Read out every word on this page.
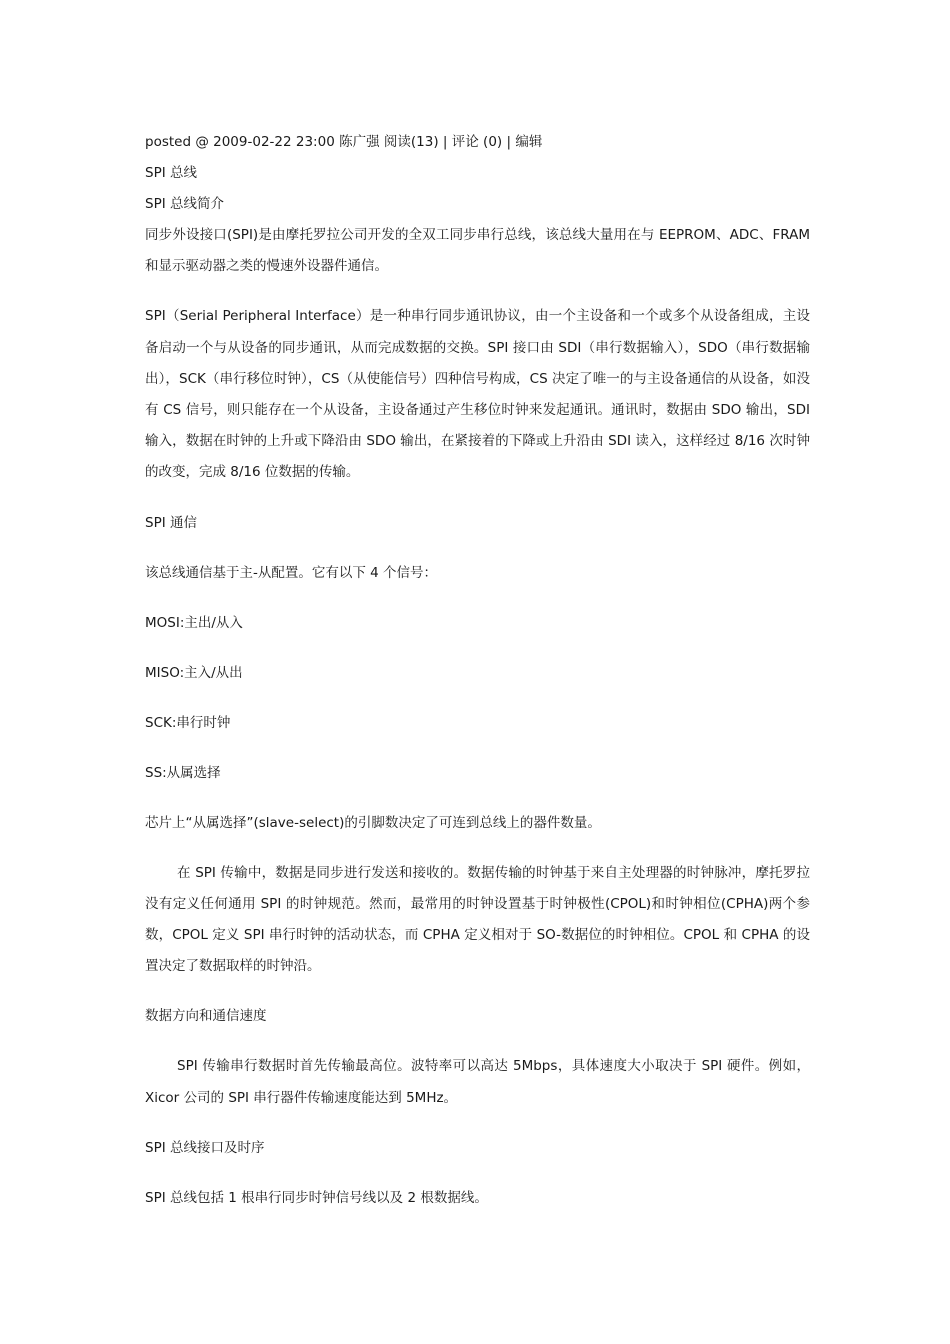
posted @ 2009-02-22 23:00 陈广强 阅读(13) | 评论 (0) | 编辑

SPI 总线

SPI 总线简介

同步外设接口(SPI)是由摩托罗拉公司开发的全双工同步串行总线，该总线大量用在与 EEPROM、ADC、FRAM 和显示驱动器之类的慢速外设器件通信。

SPI（Serial Peripheral Interface）是一种串行同步通讯协议，由一个主设备和一个或多个从设备组成，主设备启动一个与从设备的同步通讯，从而完成数据的交换。SPI 接口由 SDI（串行数据输入），SDO（串行数据输出），SCK（串行移位时钟），CS（从使能信号）四种信号构成，CS 决定了唯一的与主设备通信的从设备，如没有 CS 信号，则只能存在一个从设备，主设备通过产生移位时钟来发起通讯。通讯时，数据由 SDO 输出，SDI 输入，数据在时钟的上升或下降沿由 SDO 输出，在紧接着的下降或上升沿由 SDI 读入，这样经过 8/16 次时钟的改变，完成 8/16 位数据的传输。

SPI 通信

该总线通信基于主-从配置。它有以下 4 个信号：

MOSI:主出/从入

MISO:主入/从出

SCK:串行时钟

SS:从属选择

芯片上“从属选择”(slave-select)的引脚数决定了可连到总线上的器件数量。

在 SPI 传输中，数据是同步进行发送和接收的。数据传输的时钟基于来自主处理器的时钟脉冲，摩托罗拉没有定义任何通用 SPI 的时钟规范。然而，最常用的时钟设置基于时钟极性(CPOL)和时钟相位(CPHA)两个参数，CPOL 定义 SPI 串行时钟的活动状态，而 CPHA 定义相对于 SO-数据位的时钟相位。CPOL 和 CPHA 的设置决定了数据取样的时钟沿。

数据方向和通信速度

SPI 传输串行数据时首先传输最高位。波特率可以高达 5Mbps，具体速度大小取决于 SPI 硬件。例如，Xicor 公司的 SPI 串行器件传输速度能达到 5MHz。

SPI 总线接口及时序

SPI 总线包括 1 根串行同步时钟信号线以及 2 根数据线。
